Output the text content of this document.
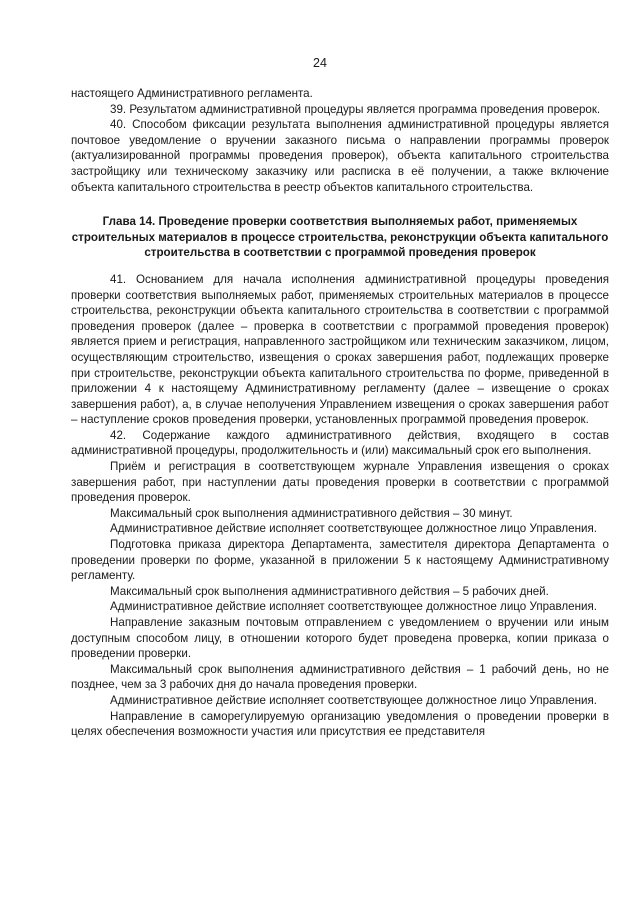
24

настоящего Административного регламента.

39. Результатом административной процедуры является программа проведения проверок.

40. Способом фиксации результата выполнения административной процедуры является почтовое уведомление о вручении заказного письма о направлении программы проверок (актуализированной программы проведения проверок), объекта капитального строительства застройщику или техническому заказчику или расписка в её получении, а также включение объекта капитального строительства в реестр объектов капитального строительства.

Глава 14. Проведение проверки соответствия выполняемых работ, применяемых строительных материалов в процессе строительства, реконструкции объекта капитального строительства в соответствии с программой проведения проверок

41. Основанием для начала исполнения административной процедуры проведения проверки соответствия выполняемых работ, применяемых строительных материалов в процессе строительства, реконструкции объекта капитального строительства в соответствии с программой проведения проверок (далее – проверка в соответствии с программой проведения проверок) является прием и регистрация, направленного застройщиком или техническим заказчиком, лицом, осуществляющим строительство, извещения о сроках завершения работ, подлежащих проверке при строительстве, реконструкции объекта капитального строительства по форме, приведенной в приложении 4 к настоящему Административному регламенту (далее – извещение о сроках завершения работ), а, в случае неполучения Управлением извещения о сроках завершения работ – наступление сроков проведения проверки, установленных программой проведения проверок.

42. Содержание каждого административного действия, входящего в состав административной процедуры, продолжительность и (или) максимальный срок его выполнения.

Приём и регистрация в соответствующем журнале Управления извещения о сроках завершения работ, при наступлении даты проведения проверки в соответствии с программой проведения проверок.

Максимальный срок выполнения административного действия – 30 минут.

Административное действие исполняет соответствующее должностное лицо Управления.

Подготовка приказа директора Департамента, заместителя директора Департамента о проведении проверки по форме, указанной в приложении 5 к настоящему Административному регламенту.

Максимальный срок выполнения административного действия – 5 рабочих дней.

Административное действие исполняет соответствующее должностное лицо Управления.

Направление заказным почтовым отправлением с уведомлением о вручении или иным доступным способом лицу, в отношении которого будет проведена проверка, копии приказа о проведении проверки.

Максимальный срок выполнения административного действия – 1 рабочий день, но не позднее, чем за 3 рабочих дня до начала проведения проверки.

Административное действие исполняет соответствующее должностное лицо Управления.

Направление в саморегулируемую организацию уведомления о проведении проверки в целях обеспечения возможности участия или присутствия ее представителя
